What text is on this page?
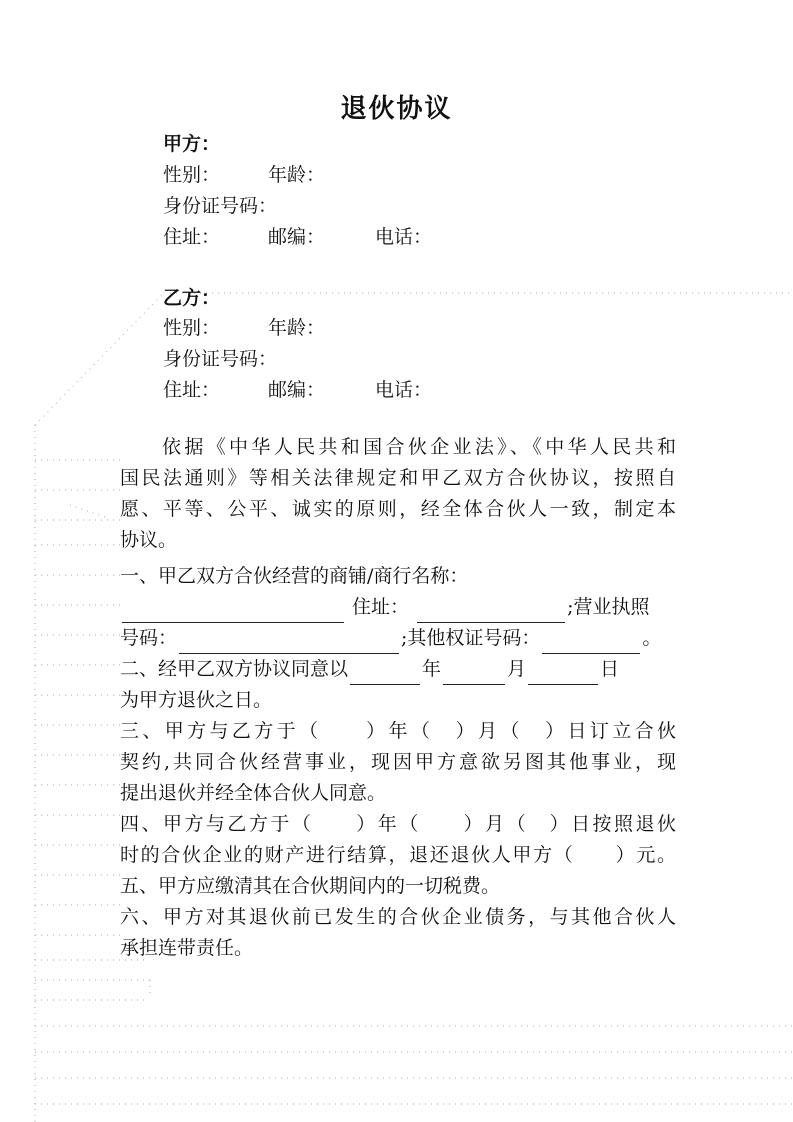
退伙协议
甲方：
性别：	年龄：
身份证号码：
住址：	邮编：	电话：
乙方：
性别：	年龄：
身份证号码：
住址：	邮编：	电话：
依据《中华人民共和国合伙企业法》、《中华人民共和
国民法通则》等相关法律规定和甲乙双方合伙协议，按照自
愿、平等、公平、诚实的原则，经全体合伙人一致，制定本
协议。
一、甲乙双方合伙经营的商铺/商行名称：
住址：	;营业执照
号码：	;其他权证号码：	。
二、经甲乙双方协议同意以	年	月	日
为甲方退伙之日。
三、甲方与乙方于（　　）年（　）月（　）日订立合伙
契约,共同合伙经营事业，现因甲方意欲另图其他事业，现
提出退伙并经全体合伙人同意。
四、甲方与乙方于（　　）年（　　）月（　）日按照退伙
时的合伙企业的财产进行结算，退还退伙人甲方（　　）元。
五、甲方应缴清其在合伙期间内的一切税费。
六、甲方对其退伙前已发生的合伙企业债务，与其他合伙人
承担连带责任。
